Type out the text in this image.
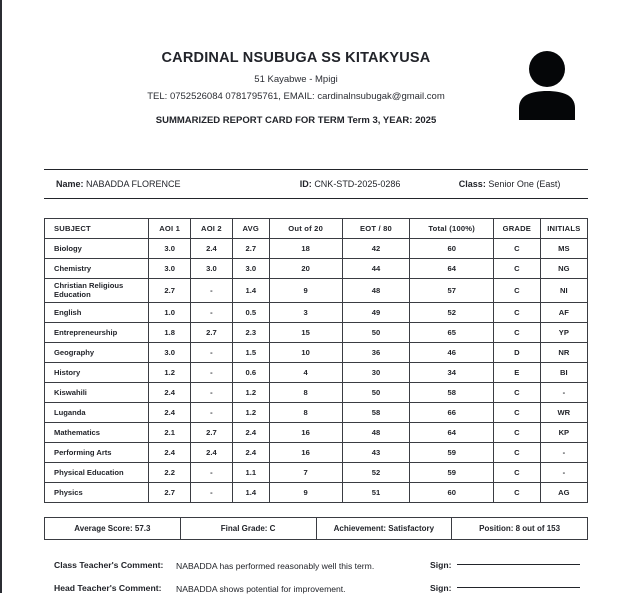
CARDINAL NSUBUGA SS KITAKYUSA
51 Kayabwe - Mpigi
TEL: 0752526084 0781795761, EMAIL: cardinalnsubugak@gmail.com
SUMMARIZED REPORT CARD FOR TERM Term 3, YEAR: 2025
Name: NABADDA FLORENCE	ID: CNK-STD-2025-0286	Class: Senior One (East)
SUBJECT	AOI 1	AOI 2	AVG	Out of 20	EOT / 80	Total (100%)	GRADE	INITIALS
Biology	3.0	2.4	2.7	18	42	60	C	MS
Chemistry	3.0	3.0	3.0	20	44	64	C	NG
Christian Religious Education	2.7	-	1.4	9	48	57	C	NI
English	1.0	-	0.5	3	49	52	C	AF
Entrepreneurship	1.8	2.7	2.3	15	50	65	C	YP
Geography	3.0	-	1.5	10	36	46	D	NR
History	1.2	-	0.6	4	30	34	E	BI
Kiswahili	2.4	-	1.2	8	50	58	C	-
Luganda	2.4	-	1.2	8	58	66	C	WR
Mathematics	2.1	2.7	2.4	16	48	64	C	KP
Performing Arts	2.4	2.4	2.4	16	43	59	C	-
Physical Education	2.2	-	1.1	7	52	59	C	-
Physics	2.7	-	1.4	9	51	60	C	AG
Average Score: 57.3	Final Grade: C	Achievement: Satisfactory	Position: 8 out of 153
Class Teacher's Comment:	NABADDA has performed reasonably well this term.	Sign:
Head Teacher's Comment:	NABADDA shows potential for improvement.	Sign:
